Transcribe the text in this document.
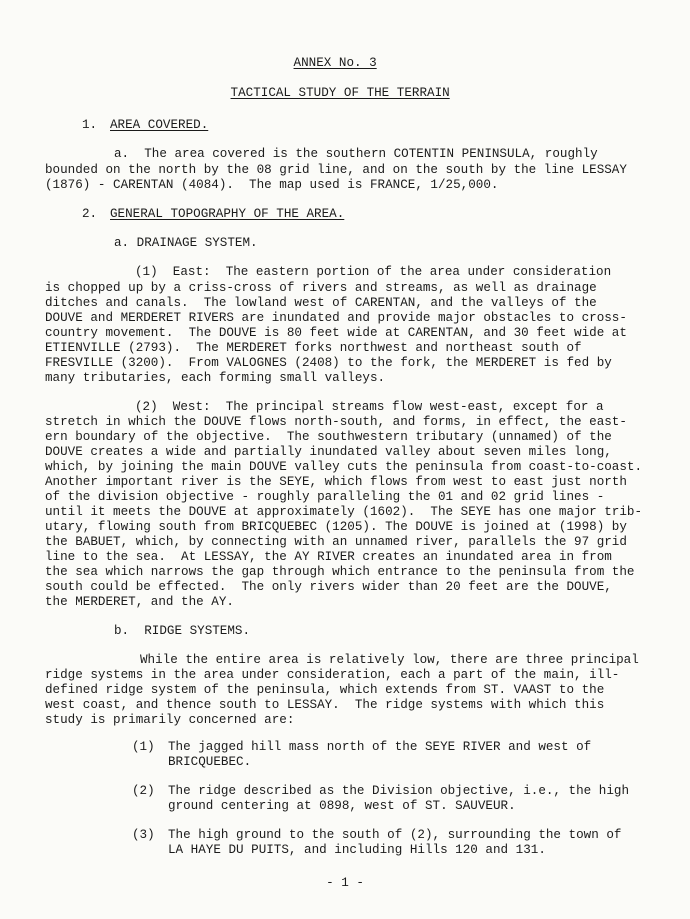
ANNEX No. 3

TACTICAL STUDY OF THE TERRAIN

1. AREA COVERED.
a.  The area covered is the southern COTENTIN PENINSULA, roughly
bounded on the north by the 08 grid line, and on the south by the line LESSAY
(1876) - CARENTAN (4084).  The map used is FRANCE, 1/25,000.
2. GENERAL TOPOGRAPHY OF THE AREA.
a. DRAINAGE SYSTEM.
(1)  East:  The eastern portion of the area under consideration
is chopped up by a criss-cross of rivers and streams, as well as drainage
ditches and canals.  The lowland west of CARENTAN, and the valleys of the
DOUVE and MERDERET RIVERS are inundated and provide major obstacles to cross-
country movement.  The DOUVE is 80 feet wide at CARENTAN, and 30 feet wide at
ETIENVILLE (2793).  The MERDERET forks northwest and northeast south of
FRESVILLE (3200).  From VALOGNES (2408) to the fork, the MERDERET is fed by
many tributaries, each forming small valleys.
(2)  West:  The principal streams flow west-east, except for a
stretch in which the DOUVE flows north-south, and forms, in effect, the east-
ern boundary of the objective.  The southwestern tributary (unnamed) of the
DOUVE creates a wide and partially inundated valley about seven miles long,
which, by joining the main DOUVE valley cuts the peninsula from coast-to-coast.
Another important river is the SEYE, which flows from west to east just north
of the division objective - roughly paralleling the 01 and 02 grid lines -
until it meets the DOUVE at approximately (1602).  The SEYE has one major trib-
utary, flowing south from BRICQUEBEC (1205). The DOUVE is joined at (1998) by
the BABUET, which, by connecting with an unnamed river, parallels the 97 grid
line to the sea.  At LESSAY, the AY RIVER creates an inundated area in from
the sea which narrows the gap through which entrance to the peninsula from the
south could be effected.  The only rivers wider than 20 feet are the DOUVE,
the MERDERET, and the AY.
b.  RIDGE SYSTEMS.
While the entire area is relatively low, there are three principal
ridge systems in the area under consideration, each a part of the main, ill-
defined ridge system of the peninsula, which extends from ST. VAAST to the
west coast, and thence south to LESSAY.  The ridge systems with which this
study is primarily concerned are:
(1) The jagged hill mass north of the SEYE RIVER and west of
BRICQUEBEC.
(2) The ridge described as the Division objective, i.e., the high
ground centering at 0898, west of ST. SAUVEUR.
(3) The high ground to the south of (2), surrounding the town of
LA HAYE DU PUITS, and including Hills 120 and 131.
- 1 -
